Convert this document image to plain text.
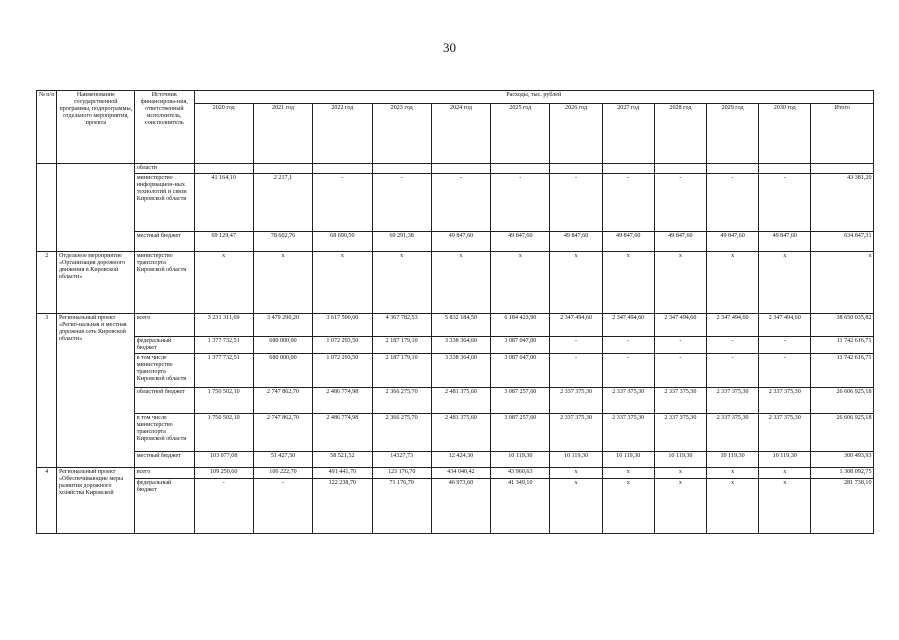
30
№ п/п	Наименование государственной программы, подпрограммы, отдельного мероприятия, проекта	Источник финансирова-ния, ответственный исполнитель, соисполнитель	Расходы, тыс. рублей											
			2020 год	2021 год	2022 год	2023 год	2024 год	2025 год	2026 год	2027 год	2028 год	2029 год	2030 год	Итого
		области												
		министерство информацион-ных технологий и связи Кировской области	41 164,10	2 217,1	-	-	-	-	-	-	-	-	-	43 381,20
		местный бюджет	69 129,47	78 602,76	68 690,50	69 291,38	49 847,60	49 847,60	49 847,60	49 847,60	49 847,60	49 847,60	49 847,60	634 847,31
2	Отдельное мероприятие «Организация дорожного движения в Кировской области»	министерство транспорта Кировской области	x	x	x	x	x	x	x	x	x	x	x	x
3	Региональный проект «Регио-нальная и местная дорожная сеть Кировской области»	всего	3 231 311,69	3 479 290,20	3 617 590,00	4 367 782,53	5 832 184,50	6 184 423,90	2 347 494,60	2 347 494,60	2 347 494,60	2 347 494,60	2 347 494,60	38 650 035,82
		федеральный бюджет	1 377 732,51	680 000,00	1 072 293,50	2 187 179,10	3 338 364,60	3 087 047,00	-	-	-	-	-	11 742 616,71
		в том числе министерство транспорта Кировской области	1 377 732,51	680 000,00	1 072 293,50	2 187 179,10	3 338 364,60	3 087 047,00	-	-	-	-	-	11 742 616,71
		областной бюджет	1 750 502,10	2 747 862,70	2 486 774,98	2 366 275,70	2 481 375,60	3 087 257,60	2 337 375,30	2 337 375,30	2 337 375,30	2 337 375,30	2 337 375,30	26 606 925,18
		в том числе министерство транспорта Кировской области	1 750 502,10	2 747 862,70	2 486 774,98	2 366 275,70	2 481 375,60	3 087 257,60	2 337 375,30	2 337 375,30	2 337 375,30	2 337 375,30	2 337 375,30	26 606 925,18
		местный бюджет	103 077,08	51 427,50	58 521,52	14327,73	12 424,30	10 119,30	10 119,30	10 119,30	10 119,30	10 119,30	10 119,30	300 493,93
4	Региональный проект «Обеспечивающие меры развития дорожного хозяйства Кировской	всего	109 250,60	106 222,70	491 441,70	123 176,70	434 040,42	43 960,63	x	x	x	x	x	1 308 092,75
		федеральный бюджет	-	-	122 238,70	71 176,70	46 973,60	41 349,10	x	x	x	x	x	281 738,10
